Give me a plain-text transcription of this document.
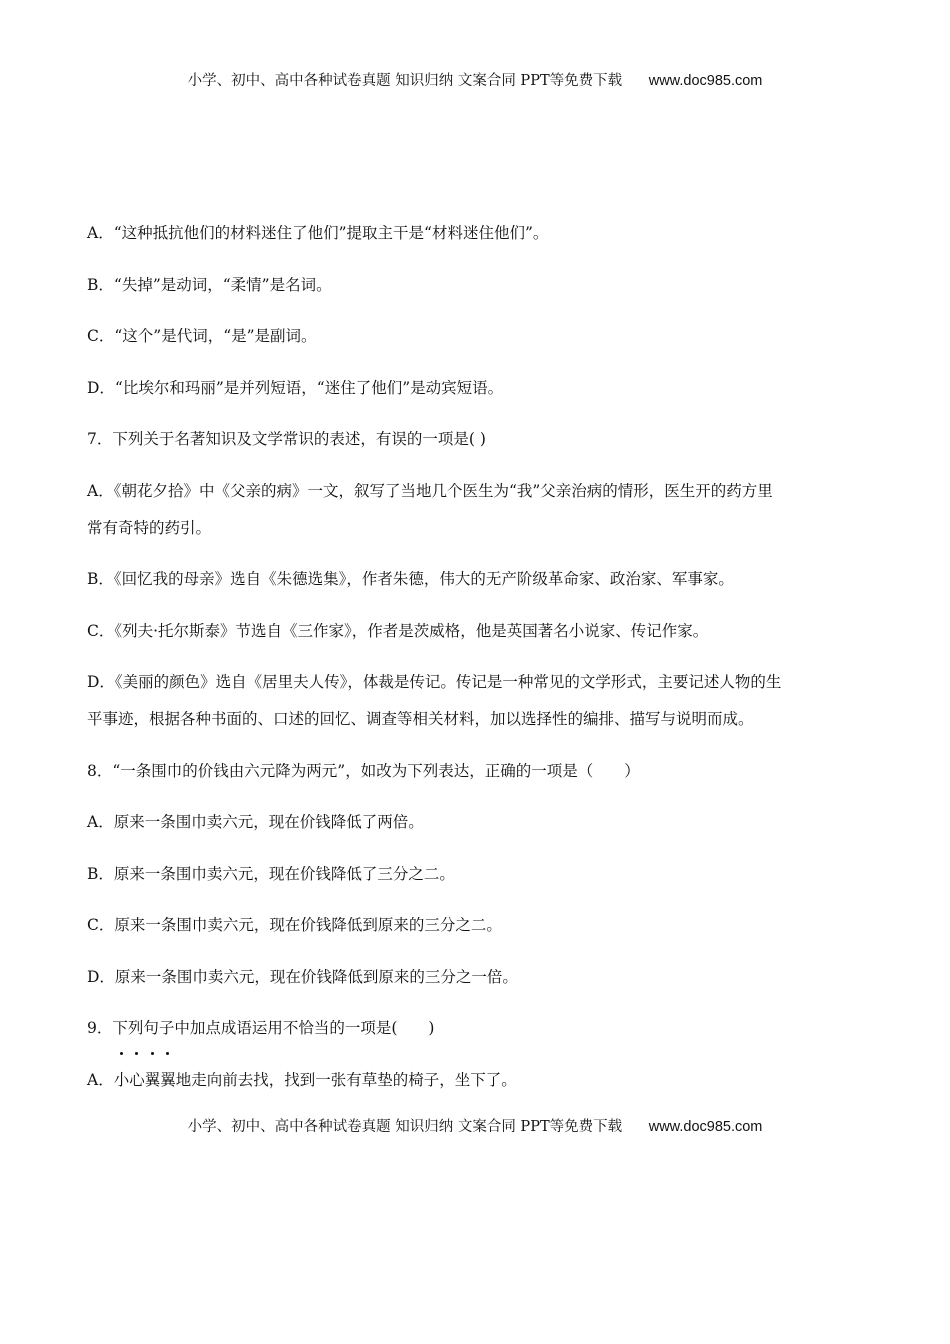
小学、初中、高中各种试卷真题 知识归纳 文案合同 PPT等免费下载 www.doc985.com

A．“这种抵抗他们的材料迷住了他们”提取主干是“材料迷住他们”。

B．“失掉”是动词，“柔情”是名词。

C．“这个”是代词，“是”是副词。

D．“比埃尔和玛丽”是并列短语，“迷住了他们”是动宾短语。

7．下列关于名著知识及文学常识的表述，有误的一项是( )

A．《朝花夕拾》中《父亲的病》一文，叙写了当地几个医生为“我”父亲治病的情形，医生开的药方里

常有奇特的药引。

B．《回忆我的母亲》选自《朱德选集》，作者朱德，伟大的无产阶级革命家、政治家、军事家。

C．《列夫·托尔斯泰》节选自《三作家》，作者是茨威格，他是英国著名小说家、传记作家。

D．《美丽的颜色》选自《居里夫人传》，体裁是传记。传记是一种常见的文学形式，主要记述人物的生

平事迹，根据各种书面的、口述的回忆、调查等相关材料，加以选择性的编排、描写与说明而成。

8．“一条围巾的价钱由六元降为两元”，如改为下列表达，正确的一项是（　　）

A．原来一条围巾卖六元，现在价钱降低了两倍。

B．原来一条围巾卖六元，现在价钱降低了三分之二。

C．原来一条围巾卖六元，现在价钱降低到原来的三分之二。

D．原来一条围巾卖六元，现在价钱降低到原来的三分之一倍。

9．下列句子中加点成语运用不恰当的一项是(　　)

A．
小心翼翼地走向前去找，找到一张有草垫的椅子，坐下了。

小学、初中、高中各种试卷真题 知识归纳 文案合同 PPT等免费下载 www.doc985.com
